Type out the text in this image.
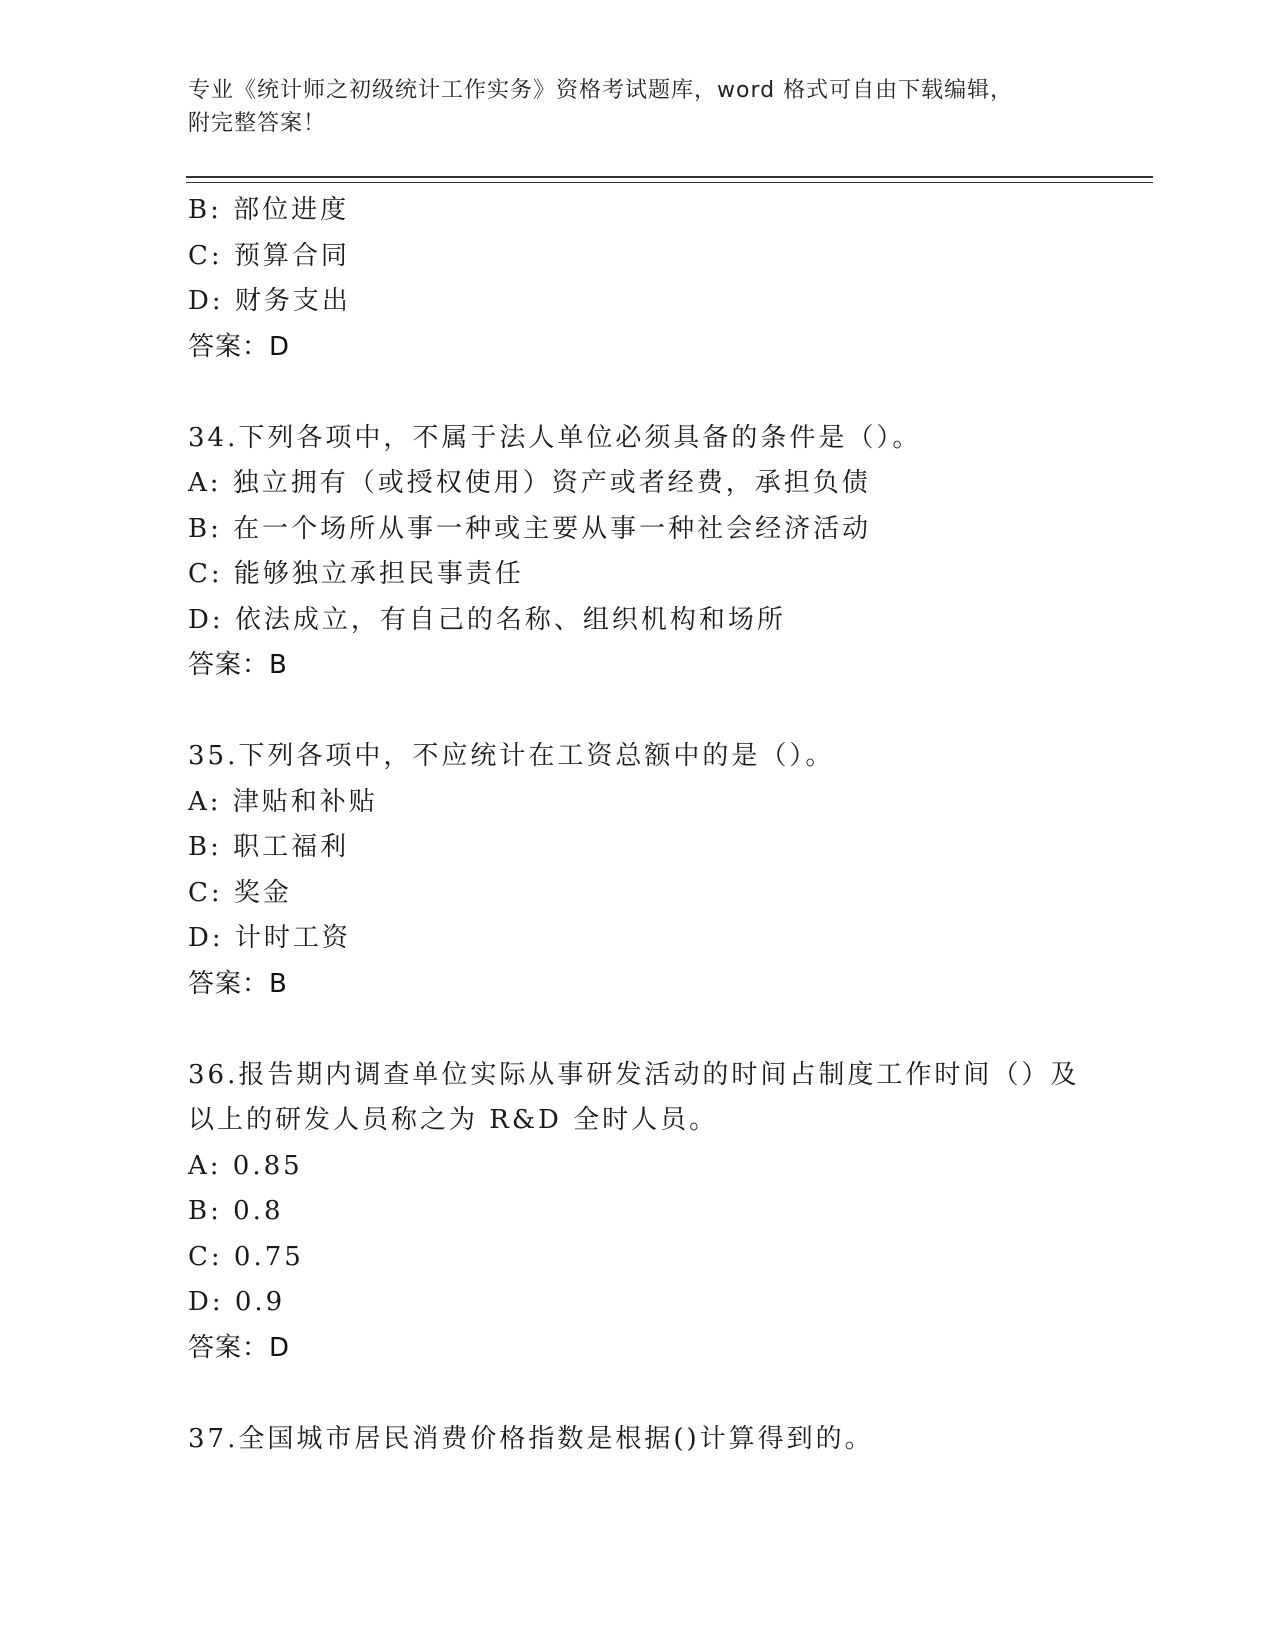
专业《统计师之初级统计工作实务》资格考试题库，word 格式可自由下载编辑，
附完整答案！
B: 部位进度
C: 预算合同
D: 财务支出
答案：D
34.下列各项中，不属于法人单位必须具备的条件是（）。
A: 独立拥有（或授权使用）资产或者经费，承担负债
B: 在一个场所从事一种或主要从事一种社会经济活动
C: 能够独立承担民事责任
D: 依法成立，有自己的名称、组织机构和场所
答案：B
35.下列各项中，不应统计在工资总额中的是（）。
A: 津贴和补贴
B: 职工福利
C: 奖金
D: 计时工资
答案：B
36.报告期内调查单位实际从事研发活动的时间占制度工作时间（）及
以上的研发人员称之为 R&D 全时人员。
A: 0.85
B: 0.8
C: 0.75
D: 0.9
答案：D
37.全国城市居民消费价格指数是根据()计算得到的。
